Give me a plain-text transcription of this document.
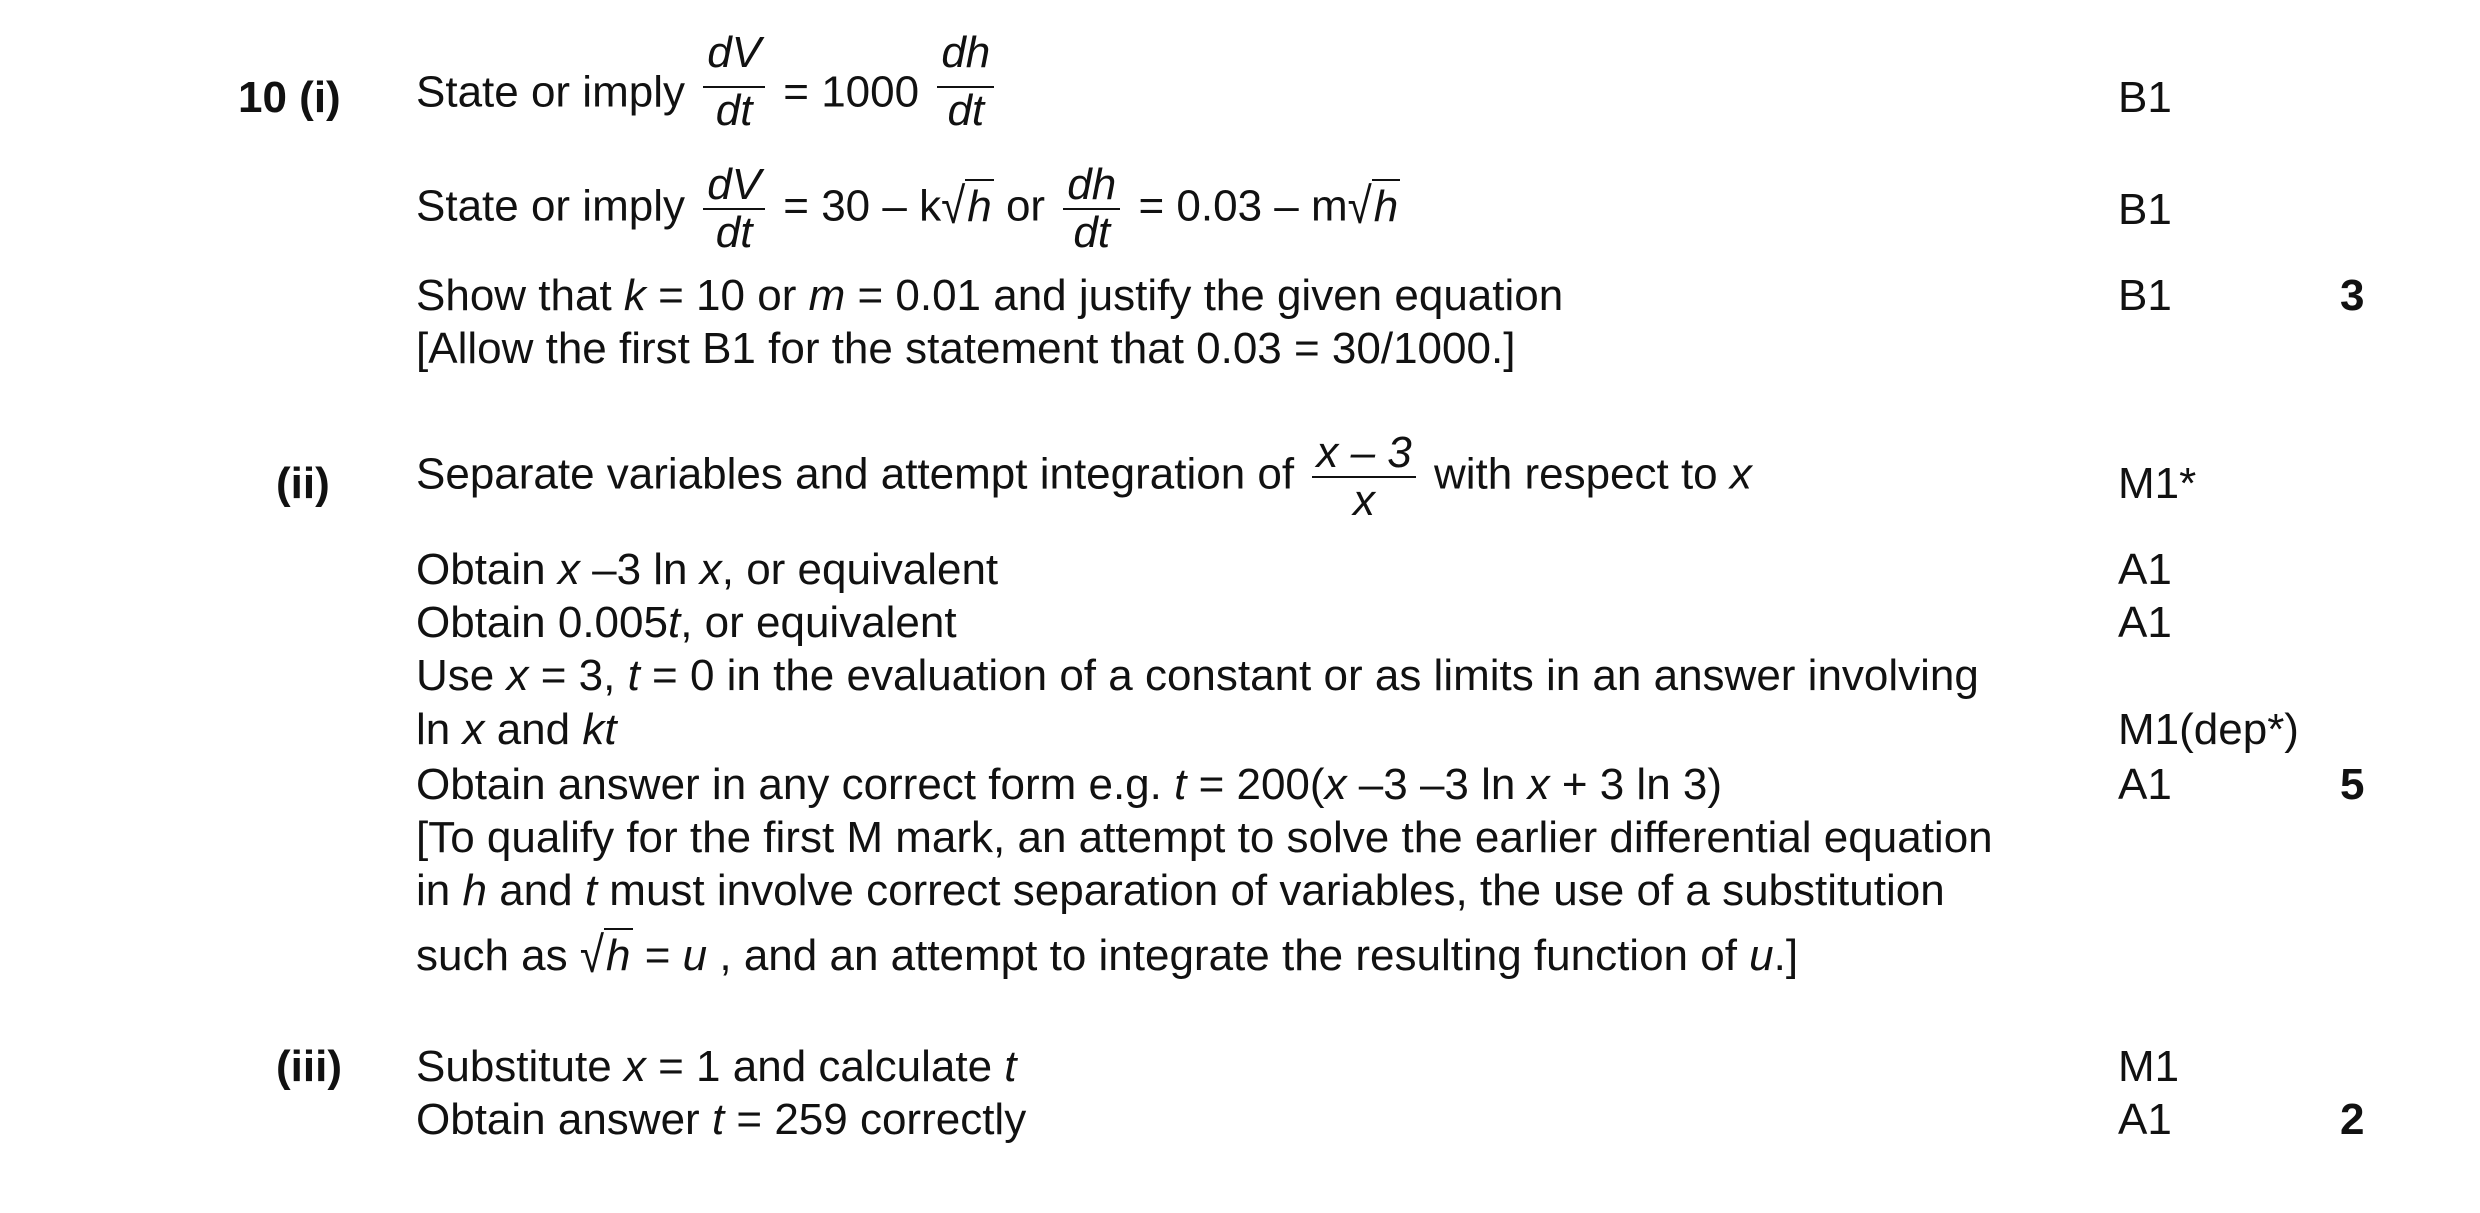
10 (i) State or imply $\frac{dV}{dt} = 1000 \frac{dh}{dt}$	B1
State or imply $\frac{dV}{dt} = 30 - k√h$ or $\frac{dh}{dt} = 0.03 - m√h$	B1
Show that k = 10 or m = 0.01 and justify the given equation	B1	3
[Allow the first B1 for the statement that 0.03 = 30/1000.]
(ii) Separate variables and attempt integration of $\frac{x - 3}{x}$ with respect to x	M1*
Obtain x –3 ln x, or equivalent	A1
Obtain 0.005t, or equivalent	A1
Use x = 3, t = 0 in the evaluation of a constant or as limits in an answer involving
ln x and kt	M1(dep*)
Obtain answer in any correct form e.g. t = 200(x –3 –3 ln x + 3 ln 3)	A1	5
[To qualify for the first M mark, an attempt to solve the earlier differential equation
in h and t must involve correct separation of variables, the use of a substitution
such as √h = u , and an attempt to integrate the resulting function of u.]
(iii) Substitute x = 1 and calculate t	M1
Obtain answer t = 259 correctly	A1	2
